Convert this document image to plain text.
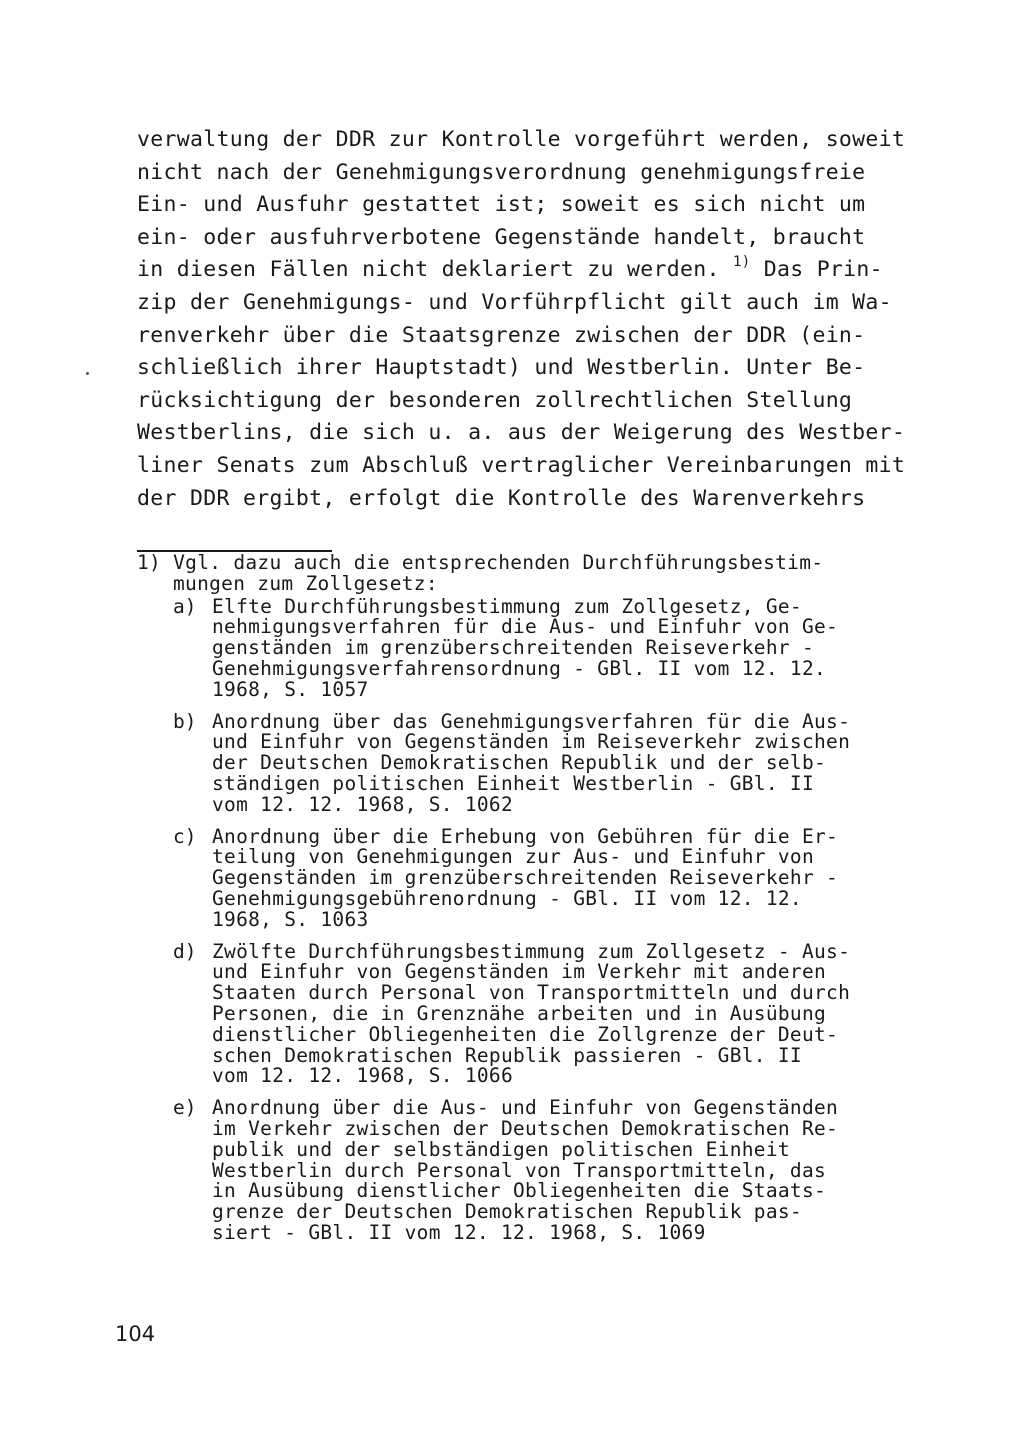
verwaltung der DDR zur Kontrolle vorgeführt werden, soweit
nicht nach der Genehmigungsverordnung genehmigungsfreie
Ein- und Ausfuhr gestattet ist; soweit es sich nicht um
ein- oder ausfuhrverbotene Gegenstände handelt, braucht
in diesen Fällen nicht deklariert zu werden. $^{1)}$ Das Prin-
zip der Genehmigungs- und Vorführpflicht gilt auch im Wa-
renverkehr über die Staatsgrenze zwischen der DDR (ein-
schließlich ihrer Hauptstadt) und Westberlin. Unter Be-
rücksichtigung der besonderen zollrechtlichen Stellung
Westberlins, die sich u. a. aus der Weigerung des Westber-
liner Senats zum Abschluß vertraglicher Vereinbarungen mit
der DDR ergibt, erfolgt die Kontrolle des Warenverkehrs
1) Vgl. dazu auch die entsprechenden Durchführungsbestim-
mungen zum Zollgesetz:
a) Elfte Durchführungsbestimmung zum Zollgesetz, Ge-
nehmigungsverfahren für die Aus- und Einfuhr von Ge-
genständen im grenzüberschreitenden Reiseverkehr -
Genehmigungsverfahrensordnung - GBl. II vom 12. 12.
1968, S. 1057
b) Anordnung über das Genehmigungsverfahren für die Aus-
und Einfuhr von Gegenständen im Reiseverkehr zwischen
der Deutschen Demokratischen Republik und der selb-
ständigen politischen Einheit Westberlin - GBl. II
vom 12. 12. 1968, S. 1062
c) Anordnung über die Erhebung von Gebühren für die Er-
teilung von Genehmigungen zur Aus- und Einfuhr von
Gegenständen im grenzüberschreitenden Reiseverkehr -
Genehmigungsgebührenordnung - GBl. II vom 12. 12.
1968, S. 1063
d) Zwölfte Durchführungsbestimmung zum Zollgesetz - Aus-
und Einfuhr von Gegenständen im Verkehr mit anderen
Staaten durch Personal von Transportmitteln und durch
Personen, die in Grenznähe arbeiten und in Ausübung
dienstlicher Obliegenheiten die Zollgrenze der Deut-
schen Demokratischen Republik passieren - GBl. II
vom 12. 12. 1968, S. 1066
e) Anordnung über die Aus- und Einfuhr von Gegenständen
im Verkehr zwischen der Deutschen Demokratischen Re-
publik und der selbständigen politischen Einheit
Westberlin durch Personal von Transportmitteln, das
in Ausübung dienstlicher Obliegenheiten die Staats-
grenze der Deutschen Demokratischen Republik pas-
siert - GBl. II vom 12. 12. 1968, S. 1069
104
